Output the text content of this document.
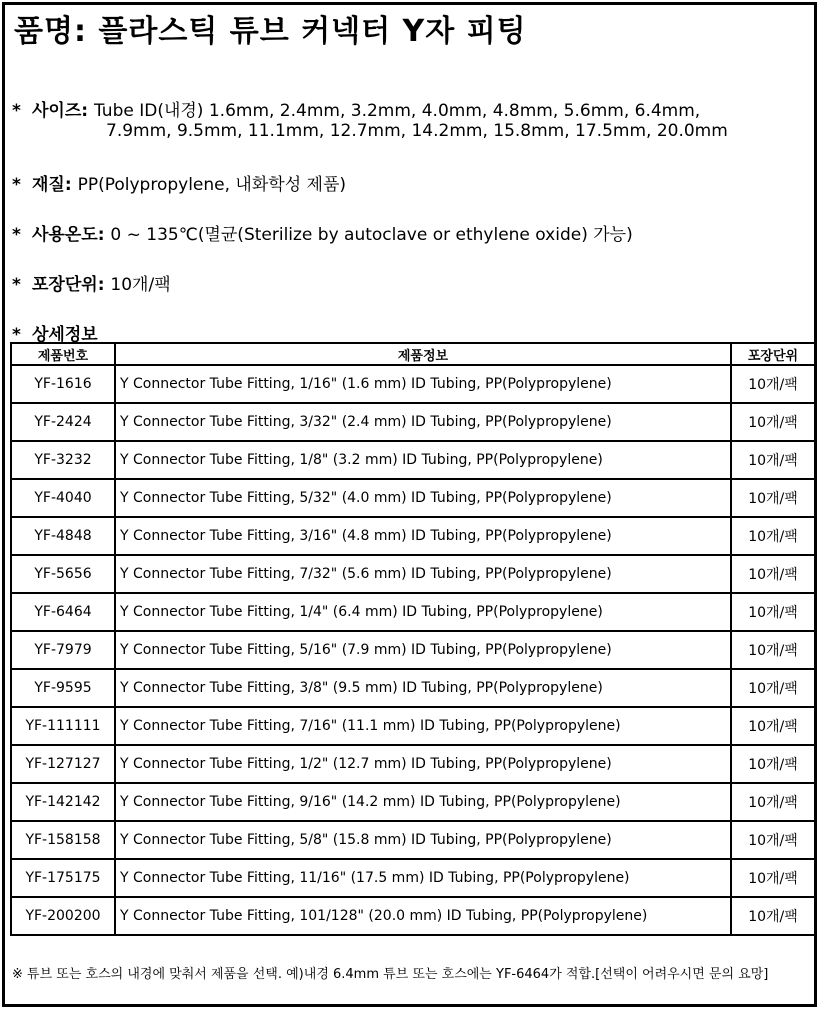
품명: 플라스틱 튜브 커넥터 Y자 피팅
* 사이즈: Tube ID(내경) 1.6mm, 2.4mm, 3.2mm, 4.0mm, 4.8mm, 5.6mm, 6.4mm,
7.9mm, 9.5mm, 11.1mm, 12.7mm, 14.2mm, 15.8mm, 17.5mm, 20.0mm
* 재질: PP(Polypropylene, 내화학성 제품)
* 사용온도: 0 ~ 135℃(멸균(Sterilize by autoclave or ethylene oxide) 가능)
* 포장단위: 10개/팩
* 상세정보
제품번호	제품정보	포장단위
YF-1616	Y Connector Tube Fitting, 1/16" (1.6 mm) ID Tubing, PP(Polypropylene)	10개/팩
YF-2424	Y Connector Tube Fitting, 3/32" (2.4 mm) ID Tubing, PP(Polypropylene)	10개/팩
YF-3232	Y Connector Tube Fitting, 1/8" (3.2 mm) ID Tubing, PP(Polypropylene)	10개/팩
YF-4040	Y Connector Tube Fitting, 5/32" (4.0 mm) ID Tubing, PP(Polypropylene)	10개/팩
YF-4848	Y Connector Tube Fitting, 3/16" (4.8 mm) ID Tubing, PP(Polypropylene)	10개/팩
YF-5656	Y Connector Tube Fitting, 7/32" (5.6 mm) ID Tubing, PP(Polypropylene)	10개/팩
YF-6464	Y Connector Tube Fitting, 1/4" (6.4 mm) ID Tubing, PP(Polypropylene)	10개/팩
YF-7979	Y Connector Tube Fitting, 5/16" (7.9 mm) ID Tubing, PP(Polypropylene)	10개/팩
YF-9595	Y Connector Tube Fitting, 3/8" (9.5 mm) ID Tubing, PP(Polypropylene)	10개/팩
YF-111111	Y Connector Tube Fitting, 7/16" (11.1 mm) ID Tubing, PP(Polypropylene)	10개/팩
YF-127127	Y Connector Tube Fitting, 1/2" (12.7 mm) ID Tubing, PP(Polypropylene)	10개/팩
YF-142142	Y Connector Tube Fitting, 9/16" (14.2 mm) ID Tubing, PP(Polypropylene)	10개/팩
YF-158158	Y Connector Tube Fitting, 5/8" (15.8 mm) ID Tubing, PP(Polypropylene)	10개/팩
YF-175175	Y Connector Tube Fitting, 11/16" (17.5 mm) ID Tubing, PP(Polypropylene)	10개/팩
YF-200200	Y Connector Tube Fitting, 101/128" (20.0 mm) ID Tubing, PP(Polypropylene)	10개/팩
※ 튜브 또는 호스의 내경에 맞춰서 제품을 선택. 예)내경 6.4mm 튜브 또는 호스에는 YF-6464가 적합.[선택이 어려우시면 문의 요망]
